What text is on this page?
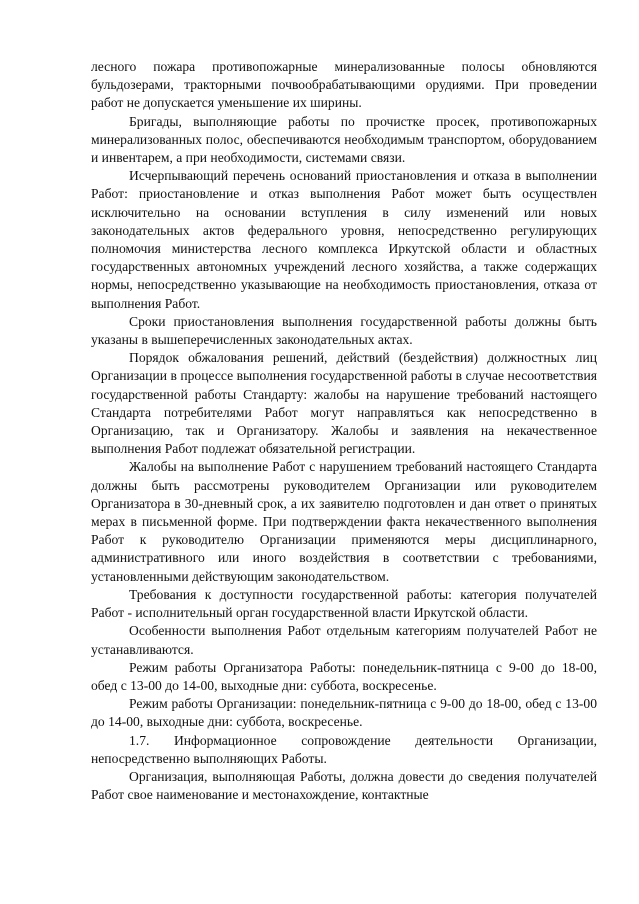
лесного пожара противопожарные минерализованные полосы обновляются бульдозерами, тракторными почвообрабатывающими орудиями. При проведении работ не допускается уменьшение их ширины.

Бригады, выполняющие работы по прочистке просек, противопожарных минерализованных полос, обеспечиваются необходимым транспортом, оборудованием и инвентарем, а при необходимости, системами связи.

Исчерпывающий перечень оснований приостановления и отказа в выполнении Работ: приостановление и отказ выполнения Работ может быть осуществлен исключительно на основании вступления в силу изменений или новых законодательных актов федерального уровня, непосредственно регулирующих полномочия министерства лесного комплекса Иркутской области и областных государственных автономных учреждений лесного хозяйства, а также содержащих нормы, непосредственно указывающие на необходимость приостановления, отказа от выполнения Работ.

Сроки приостановления выполнения государственной работы должны быть указаны в вышеперечисленных законодательных актах.

Порядок обжалования решений, действий (бездействия) должностных лиц Организации в процессе выполнения государственной работы в случае несоответствия государственной работы Стандарту: жалобы на нарушение требований настоящего Стандарта потребителями Работ могут направляться как непосредственно в Организацию, так и Организатору. Жалобы и заявления на некачественное выполнения Работ подлежат обязательной регистрации.

Жалобы на выполнение Работ с нарушением требований настоящего Стандарта должны быть рассмотрены руководителем Организации или руководителем Организатора в 30-дневный срок, а их заявителю подготовлен и дан ответ о принятых мерах в письменной форме. При подтверждении факта некачественного выполнения Работ к руководителю Организации применяются меры дисциплинарного, административного или иного воздействия в соответствии с требованиями, установленными действующим законодательством.

Требования к доступности государственной работы: категория получателей Работ - исполнительный орган государственной власти Иркутской области.

Особенности выполнения Работ отдельным категориям получателей Работ не устанавливаются.

Режим работы Организатора Работы: понедельник-пятница с 9-00 до 18-00, обед с 13-00 до 14-00, выходные дни: суббота, воскресенье.

Режим работы Организации: понедельник-пятница с 9-00 до 18-00, обед с 13-00 до 14-00, выходные дни: суббота, воскресенье.

1.7. Информационное сопровождение деятельности Организации, непосредственно выполняющих Работы.

Организация, выполняющая Работы, должна довести до сведения получателей Работ свое наименование и местонахождение, контактные
